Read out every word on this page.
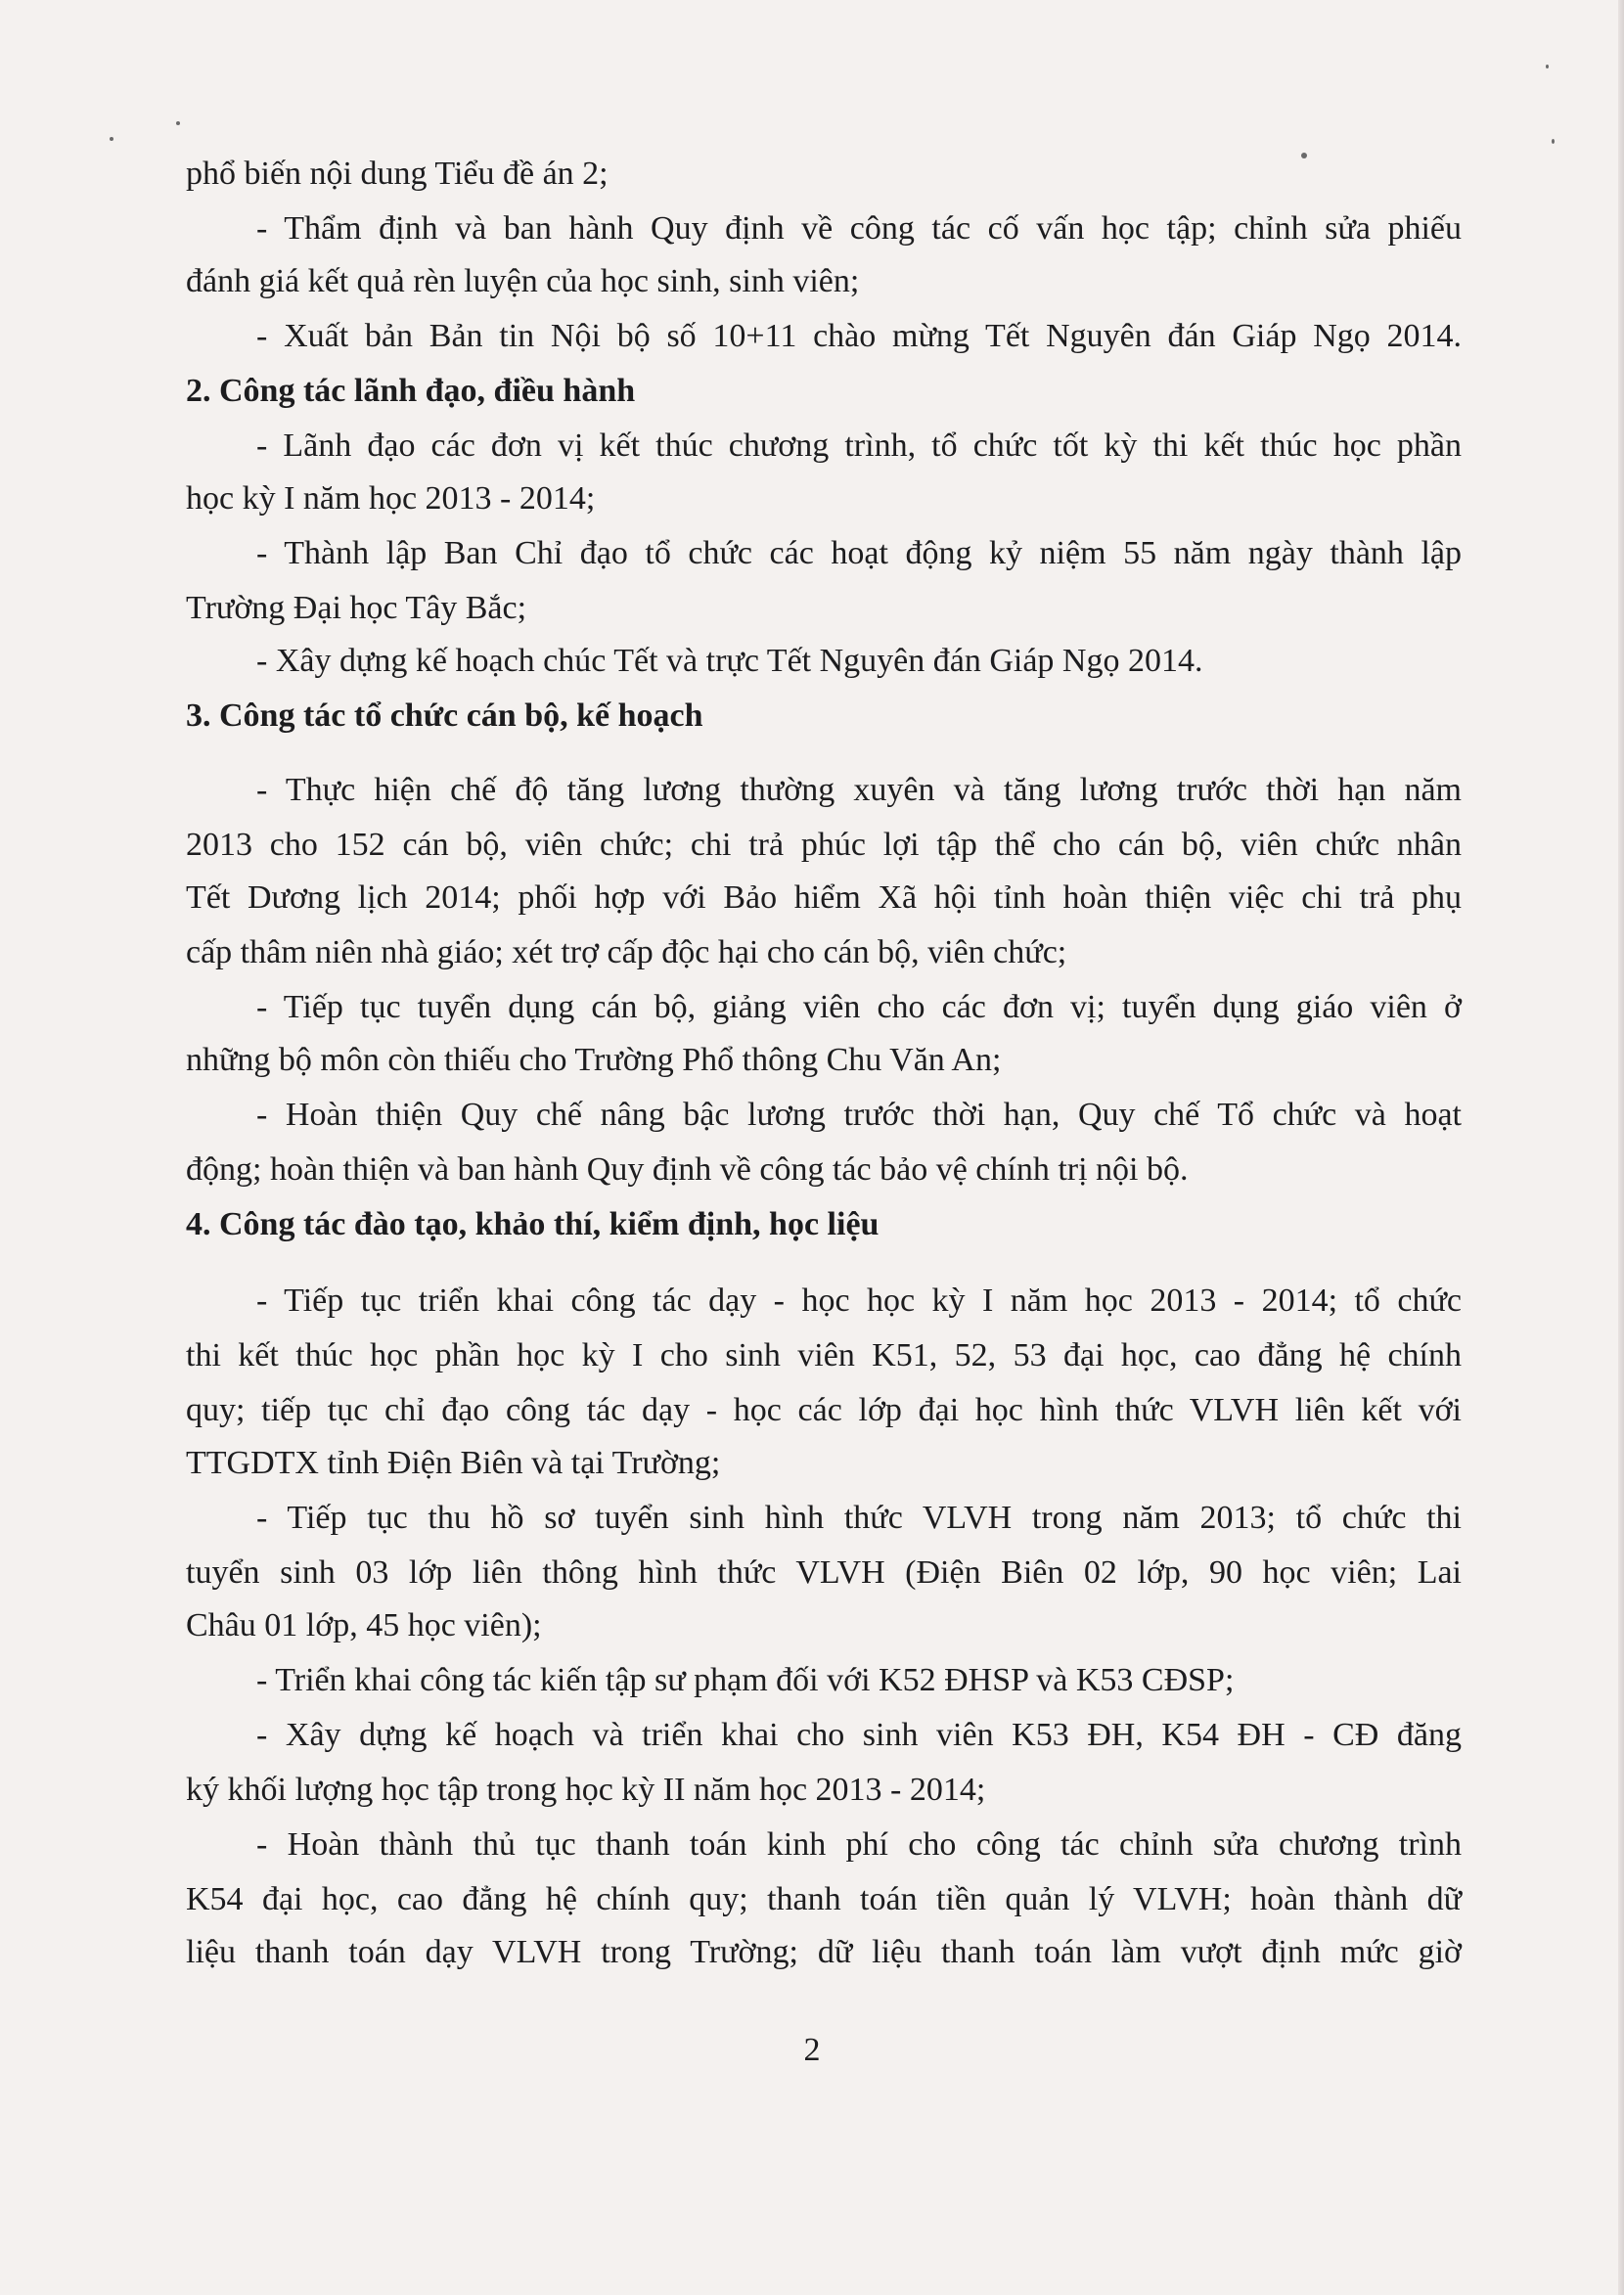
phổ biến nội dung Tiểu đề án 2;
- Thẩm định và ban hành Quy định về công tác cố vấn học tập; chỉnh sửa phiếu
đánh giá kết quả rèn luyện của học sinh, sinh viên;
- Xuất bản Bản tin Nội bộ số 10+11 chào mừng Tết Nguyên đán Giáp Ngọ 2014.
2. Công tác lãnh đạo, điều hành
- Lãnh đạo các đơn vị kết thúc chương trình, tổ chức tốt kỳ thi kết thúc học phần
học kỳ I năm học 2013 - 2014;
- Thành lập Ban Chỉ đạo tổ chức các hoạt động kỷ niệm 55 năm ngày thành lập
Trường Đại học Tây Bắc;
- Xây dựng kế hoạch chúc Tết và trực Tết Nguyên đán Giáp Ngọ 2014.
3. Công tác tổ chức cán bộ, kế hoạch
- Thực hiện chế độ tăng lương thường xuyên và tăng lương trước thời hạn năm
2013 cho 152 cán bộ, viên chức; chi trả phúc lợi tập thể cho cán bộ, viên chức nhân
Tết Dương lịch 2014; phối hợp với Bảo hiểm Xã hội tỉnh hoàn thiện việc chi trả phụ
cấp thâm niên nhà giáo; xét trợ cấp độc hại cho cán bộ, viên chức;
- Tiếp tục tuyển dụng cán bộ, giảng viên cho các đơn vị; tuyển dụng giáo viên ở
những bộ môn còn thiếu cho Trường Phổ thông Chu Văn An;
- Hoàn thiện Quy chế nâng bậc lương trước thời hạn, Quy chế Tổ chức và hoạt
động; hoàn thiện và ban hành Quy định về công tác bảo vệ chính trị nội bộ.
4. Công tác đào tạo, khảo thí, kiểm định, học liệu
- Tiếp tục triển khai công tác dạy - học học kỳ I năm học 2013 - 2014; tổ chức
thi kết thúc học phần học kỳ I cho sinh viên K51, 52, 53 đại học, cao đẳng hệ chính
quy; tiếp tục chỉ đạo công tác dạy - học các lớp đại học hình thức VLVH liên kết với
TTGDTX tỉnh Điện Biên và tại Trường;
- Tiếp tục thu hồ sơ tuyển sinh hình thức VLVH trong năm 2013; tổ chức thi
tuyển sinh 03 lớp liên thông hình thức VLVH (Điện Biên 02 lớp, 90 học viên; Lai
Châu 01 lớp, 45 học viên);
- Triển khai công tác kiến tập sư phạm đối với K52 ĐHSP và K53 CĐSP;
- Xây dựng kế hoạch và triển khai cho sinh viên K53 ĐH, K54 ĐH - CĐ đăng
ký khối lượng học tập trong học kỳ II năm học 2013 - 2014;
- Hoàn thành thủ tục thanh toán kinh phí cho công tác chỉnh sửa chương trình
K54 đại học, cao đẳng hệ chính quy; thanh toán tiền quản lý VLVH; hoàn thành dữ
liệu thanh toán dạy VLVH trong Trường; dữ liệu thanh toán làm vượt định mức giờ
2
